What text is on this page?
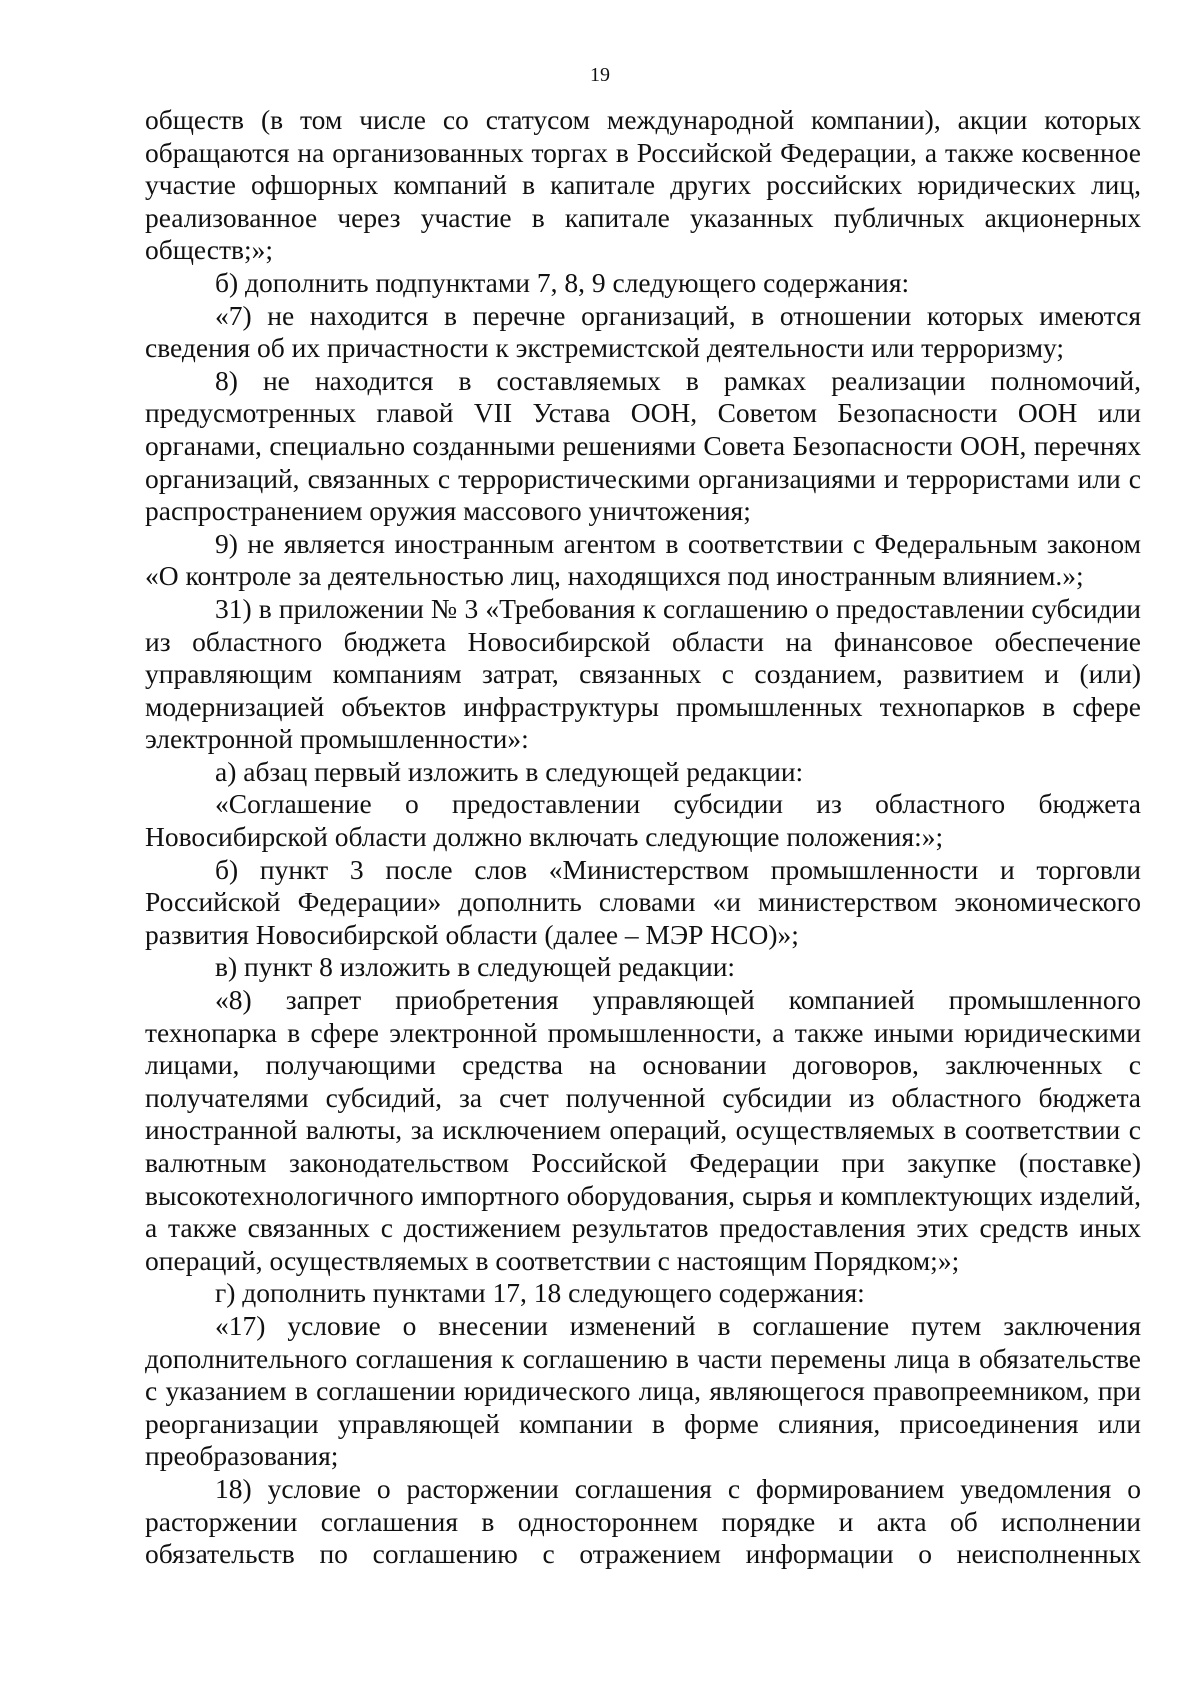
19

обществ (в том числе со статусом международной компании), акции которых обращаются на организованных торгах в Российской Федерации, а также косвенное участие офшорных компаний в капитале других российских юридических лиц, реализованное через участие в капитале указанных публичных акционерных обществ;»;

б) дополнить подпунктами 7, 8, 9 следующего содержания:

«7) не находится в перечне организаций, в отношении которых имеются сведения об их причастности к экстремистской деятельности или терроризму;

8) не находится в составляемых в рамках реализации полномочий, предусмотренных главой VII Устава ООН, Советом Безопасности ООН или органами, специально созданными решениями Совета Безопасности ООН, перечнях организаций, связанных с террористическими организациями и террористами или с распространением оружия массового уничтожения;

9) не является иностранным агентом в соответствии с Федеральным законом «О контроле за деятельностью лиц, находящихся под иностранным влиянием.»;

31) в приложении № 3 «Требования к соглашению о предоставлении субсидии из областного бюджета Новосибирской области на финансовое обеспечение управляющим компаниям затрат, связанных с созданием, развитием и (или) модернизацией объектов инфраструктуры промышленных технопарков в сфере электронной промышленности»:

а) абзац первый изложить в следующей редакции:

«Соглашение о предоставлении субсидии из областного бюджета Новосибирской области должно включать следующие положения:»;

б) пункт 3 после слов «Министерством промышленности и торговли Российской Федерации» дополнить словами «и министерством экономического развития Новосибирской области (далее – МЭР НСО)»;

в) пункт 8 изложить в следующей редакции:

«8) запрет приобретения управляющей компанией промышленного технопарка в сфере электронной промышленности, а также иными юридическими лицами, получающими средства на основании договоров, заключенных с получателями субсидий, за счет полученной субсидии из областного бюджета иностранной валюты, за исключением операций, осуществляемых в соответствии с валютным законодательством Российской Федерации при закупке (поставке) высокотехнологичного импортного оборудования, сырья и комплектующих изделий, а также связанных с достижением результатов предоставления этих средств иных операций, осуществляемых в соответствии с настоящим Порядком;»;

г) дополнить пунктами 17, 18 следующего содержания:

«17) условие о внесении изменений в соглашение путем заключения дополнительного соглашения к соглашению в части перемены лица в обязательстве с указанием в соглашении юридического лица, являющегося правопреемником, при реорганизации управляющей компании в форме слияния, присоединения или преобразования;

18) условие о расторжении соглашения с формированием уведомления о расторжении соглашения в одностороннем порядке и акта об исполнении обязательств по соглашению с отражением информации о неисполненных
